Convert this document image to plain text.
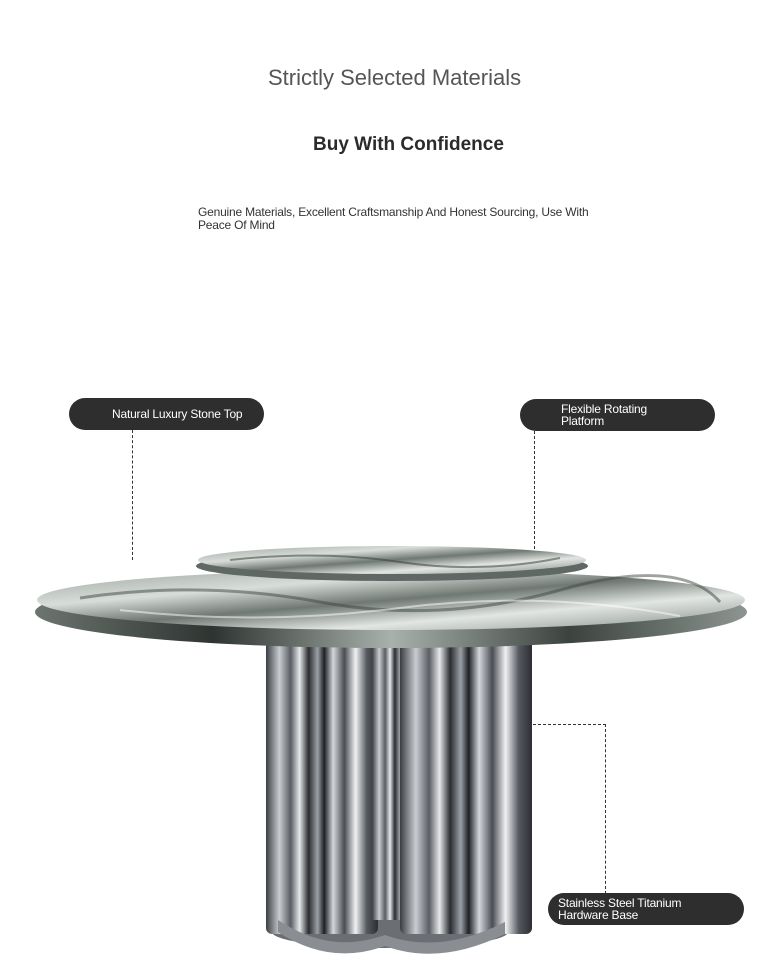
Strictly Selected Materials
Buy With Confidence
Genuine Materials, Excellent Craftsmanship And Honest Sourcing, Use With Peace Of Mind
Natural Luxury Stone Top	Flexible Rotating Platform
Stainless Steel Titanium Hardware Base
